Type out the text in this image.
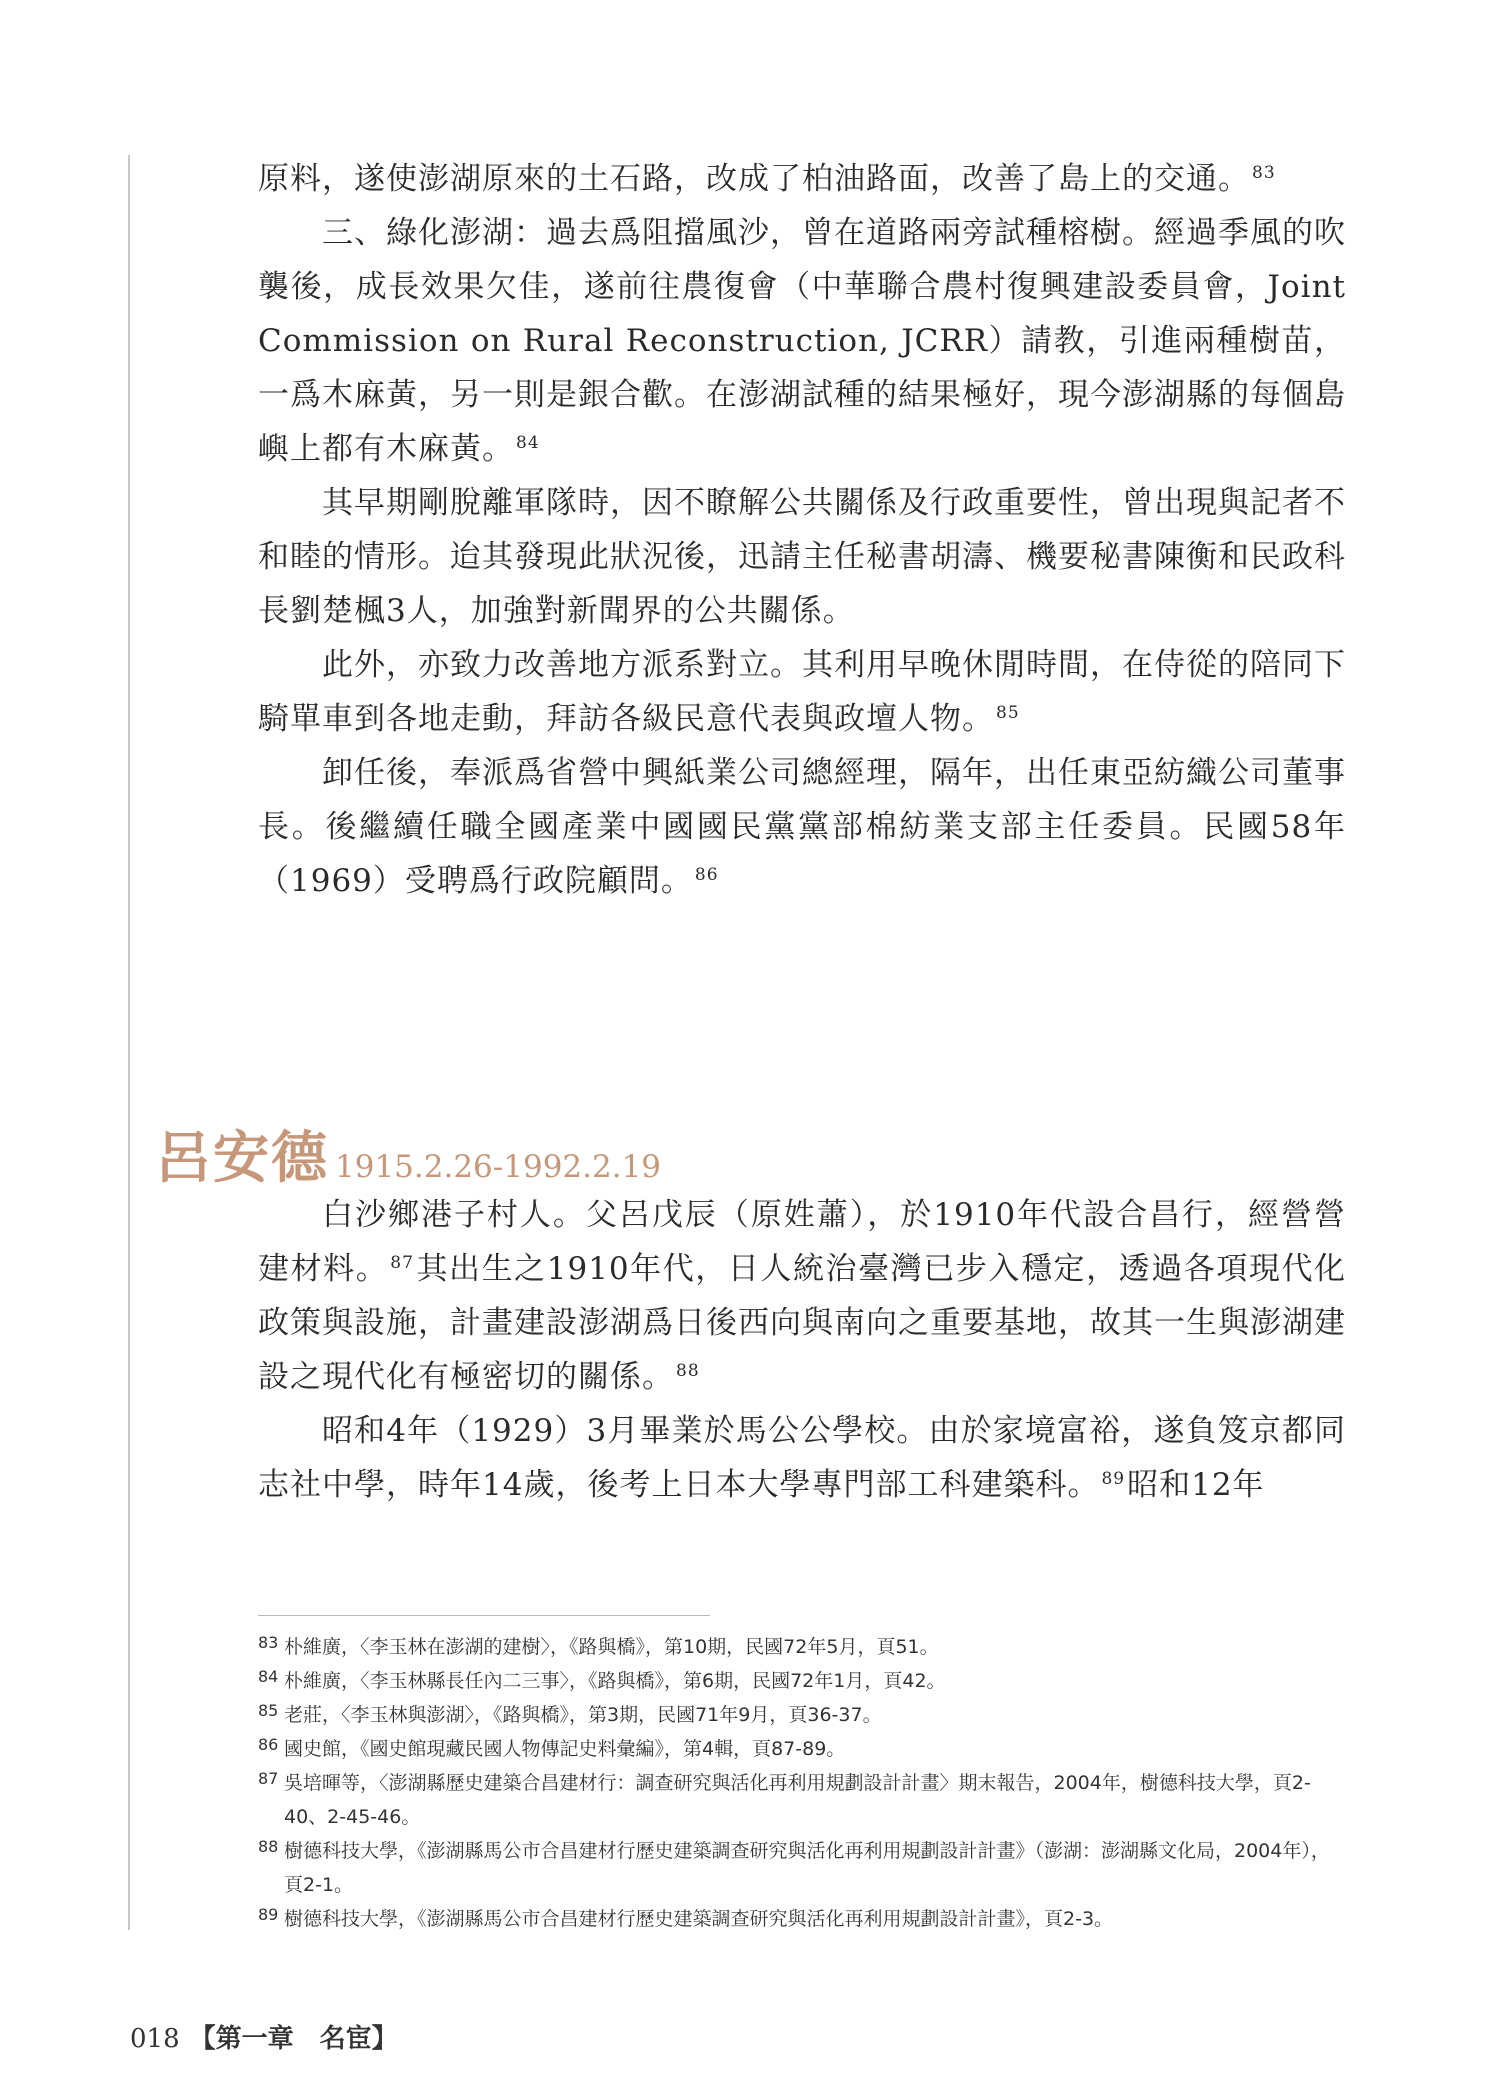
原料，遂使澎湖原來的土石路，改成了柏油路面，改善了島上的交通。 $^{83}$

三、綠化澎湖：過去爲阻擋風沙，曾在道路兩旁試種榕樹。經過季風的吹襲後，成長效果欠佳，遂前往農復會（中華聯合農村復興建設委員會，Joint Commission on Rural Reconstruction, JCRR）請教，引進兩種樹苗，一爲木麻黃，另一則是銀合歡。在澎湖試種的結果極好，現今澎湖縣的每個島嶼上都有木麻黃。 $^{84}$

其早期剛脫離軍隊時，因不瞭解公共關係及行政重要性，曾出現與記者不和睦的情形。迨其發現此狀況後，迅請主任秘書胡濤、機要秘書陳衡和民政科長劉楚楓3人，加強對新聞界的公共關係。

此外，亦致力改善地方派系對立。其利用早晚休閒時間，在侍從的陪同下騎單車到各地走動，拜訪各級民意代表與政壇人物。 $^{85}$

卸任後，奉派爲省營中興紙業公司總經理，隔年，出任東亞紡織公司董事長。後繼續任職全國產業中國國民黨黨部棉紡業支部主任委員。民國58年（1969）受聘爲行政院顧問。 $^{86}$

呂安德 1915.2.26-1992.2.19

白沙鄉港子村人。父呂戊辰（原姓蕭），於1910年代設合昌行，經營營建材料。 $^{87}$其出生之1910年代，日人統治臺灣已步入穩定，透過各項現代化政策與設施，計畫建設澎湖爲日後西向與南向之重要基地，故其一生與澎湖建設之現代化有極密切的關係。 $^{88}$

昭和4年（1929）3月畢業於馬公公學校。由於家境富裕，遂負笈京都同志社中學，時年14歲，後考上日本大學專門部工科建築科。 $^{89}$昭和12年

83 朴維廣，〈李玉林在澎湖的建樹〉，《路與橋》，第10期，民國72年5月，頁51。

84 朴維廣，〈李玉林縣長任內二三事〉，《路與橋》，第6期，民國72年1月，頁42。

85 老莊，〈李玉林與澎湖〉，《路與橋》，第3期，民國71年9月，頁36-37。

86 國史館，《國史館現藏民國人物傳記史料彙編》，第4輯，頁87-89。

87 吳培暉等，〈澎湖縣歷史建築合昌建材行：調查研究與活化再利用規劃設計計畫〉期末報告，2004年，樹德科技大學，頁2-40、2-45-46。

88 樹德科技大學，《澎湖縣馬公市合昌建材行歷史建築調查研究與活化再利用規劃設計計畫》（澎湖：澎湖縣文化局，2004年），頁2-1。

89 樹德科技大學，《澎湖縣馬公市合昌建材行歷史建築調查研究與活化再利用規劃設計計畫》，頁2-3。

018 【第一章　名宦】
